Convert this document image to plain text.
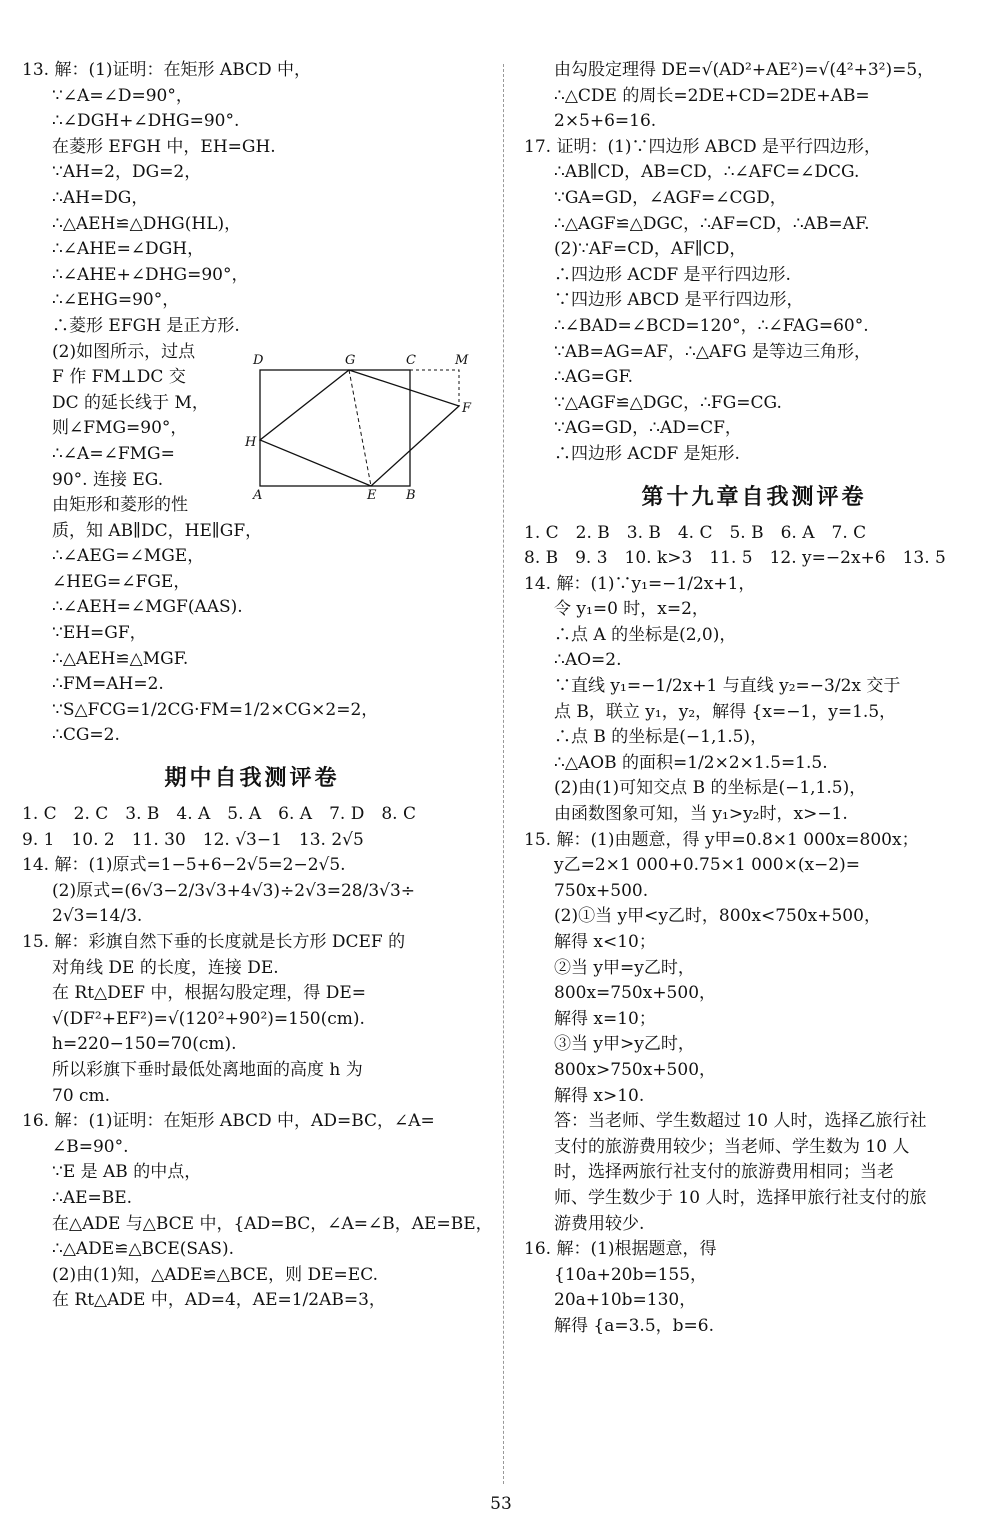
13. 解：(1)证明：在矩形 ABCD 中，
∵∠A=∠D=90°，
∴∠DGH+∠DHG=90°.
在菱形 EFGH 中，EH=GH.
∵AH=2，DG=2，
∴AH=DG，
∴△AEH≌△DHG(HL)，
∴∠AHE=∠DGH，
∴∠AHE+∠DHG=90°，
∴∠EHG=90°，
∴菱形 EFGH 是正方形.
(2)如图所示，过点
F 作 FM⊥DC 交
DC 的延长线于 M，
则∠FMG=90°，
∴∠A=∠FMG=
90°. 连接 EG.
由矩形和菱形的性
质，知 AB∥DC，HE∥GF，
∴∠AEG=∠MGE，
∠HEG=∠FGE，
∴∠AEH=∠MGF(AAS).
∵EH=GF，
∴△AEH≌△MGF.
∴FM=AH=2.
∵S△FCG=1/2CG·FM=1/2×CG×2=2，
∴CG=2.
期中自我测评卷
1. C　2. C　3. B　4. A　5. A　6. A　7. D　8. C
9. 1　10. 2　11. 30　12. √3−1　13. 2√5
14. 解：(1)原式=1−5+6−2√5=2−2√5.
(2)原式=(6√3−2/3√3+4√3)÷2√3=28/3√3÷
2√3=14/3.
15. 解：彩旗自然下垂的长度就是长方形 DCEF 的
对角线 DE 的长度，连接 DE.
在 Rt△DEF 中，根据勾股定理，得 DE=
√(DF²+EF²)=√(120²+90²)=150(cm).
h=220−150=70(cm).
所以彩旗下垂时最低处离地面的高度 h 为
70 cm.
16. 解：(1)证明：在矩形 ABCD 中，AD=BC，∠A=
∠B=90°.
∵E 是 AB 的中点，
∴AE=BE.
在△ADE 与△BCE 中，{AD=BC，∠A=∠B，AE=BE，
∴△ADE≌△BCE(SAS).
(2)由(1)知，△ADE≌△BCE，则 DE=EC.
在 Rt△ADE 中，AD=4，AE=1/2AB=3，
D	G	C	M
H
F
A	E B
由勾股定理得 DE=√(AD²+AE²)=√(4²+3²)=5，
∴△CDE 的周长=2DE+CD=2DE+AB=
2×5+6=16.
17. 证明：(1)∵四边形 ABCD 是平行四边形，
∴AB∥CD，AB=CD，∴∠AFC=∠DCG.
∵GA=GD，∠AGF=∠CGD，
∴△AGF≌△DGC，∴AF=CD，∴AB=AF.
(2)∵AF=CD，AF∥CD，
∴四边形 ACDF 是平行四边形.
∵四边形 ABCD 是平行四边形，
∴∠BAD=∠BCD=120°，∴∠FAG=60°.
∵AB=AG=AF，∴△AFG 是等边三角形，
∴AG=GF.
∵△AGF≌△DGC，∴FG=CG.
∵AG=GD，∴AD=CF，
∴四边形 ACDF 是矩形.
第十九章自我测评卷
1. C　2. B　3. B　4. C　5. B　6. A　7. C
8. B　9. 3　10. k>3　11. 5　12. y=−2x+6　13. 5
14. 解：(1)∵y₁=−1/2x+1，
令 y₁=0 时，x=2，
∴点 A 的坐标是(2,0)，
∴AO=2.
∵直线 y₁=−1/2x+1 与直线 y₂=−3/2x 交于
点 B，联立 y₁，y₂，解得 {x=−1，y=1.5，
∴点 B 的坐标是(−1,1.5)，
∴△AOB 的面积=1/2×2×1.5=1.5.
(2)由(1)可知交点 B 的坐标是(−1,1.5)，
由函数图象可知，当 y₁>y₂时，x>−1.
15. 解：(1)由题意，得 y甲=0.8×1 000x=800x；
y乙=2×1 000+0.75×1 000×(x−2)=
750x+500.
(2)①当 y甲<y乙时，800x<750x+500，
解得 x<10；
②当 y甲=y乙时，
800x=750x+500，
解得 x=10；
③当 y甲>y乙时，
800x>750x+500，
解得 x>10.
答：当老师、学生数超过 10 人时，选择乙旅行社
支付的旅游费用较少；当老师、学生数为 10 人
时，选择两旅行社支付的旅游费用相同；当老
师、学生数少于 10 人时，选择甲旅行社支付的旅
游费用较少.
16. 解：(1)根据题意，得
{10a+20b=155，
20a+10b=130，
解得 {a=3.5，b=6.
53
